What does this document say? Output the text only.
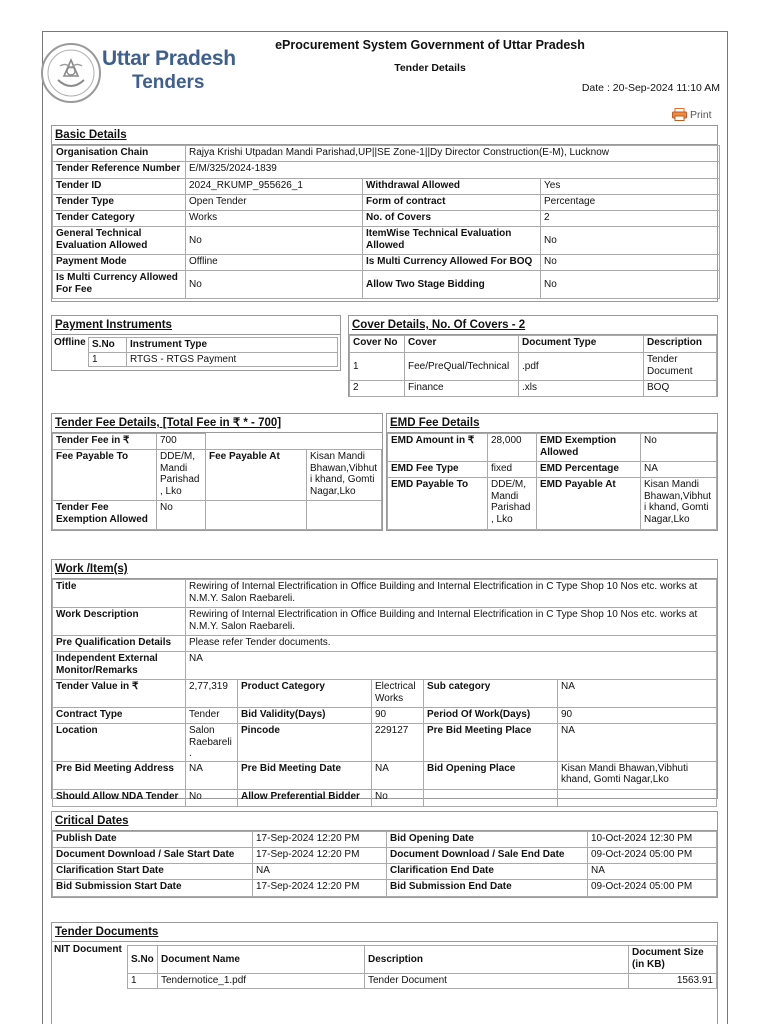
Uttar Pradesh
Tenders
eProcurement System Government of Uttar Pradesh
Tender Details
Date : 20-Sep-2024 11:10 AM
Print
Basic Details
Organisation Chain	Rajya Krishi Utpadan Mandi Parishad,UP||SE Zone-1||Dy Director Construction(E-M), Lucknow		
Tender Reference Number	E/M/325/2024-1839		
Tender ID	2024_RKUMP_955626_1	Withdrawal Allowed	Yes
Tender Type	Open Tender	Form of contract	Percentage
Tender Category	Works	No. of Covers	2
General Technical Evaluation Allowed	No	ItemWise Technical Evaluation Allowed	No
Payment Mode	Offline	Is Multi Currency Allowed For BOQ	No
Is Multi Currency Allowed For Fee	No	Allow Two Stage Bidding	No
Payment Instruments
Offline S.No	Instrument Type
1	RTGS - RTGS Payment
Cover Details, No. Of Covers - 2
Cover No	Cover	Document Type	Description
1	Fee/PreQual/Technical	.pdf	Tender Document
2	Finance	.xls	BOQ
Tender Fee Details, [Total Fee in ₹ * - 700]
Tender Fee in ₹	700		
Fee Payable To	DDE/M, Mandi Parishad, Lko	Fee Payable At	Kisan Mandi Bhawan,Vibhuti khand, Gomti Nagar,Lko
Tender Fee Exemption Allowed	No		
EMD Fee Details
EMD Amount in ₹	28,000	EMD Exemption Allowed	No
EMD Fee Type	fixed	EMD Percentage	NA
EMD Payable To	DDE/M, Mandi Parishad, Lko	EMD Payable At	Kisan Mandi Bhawan,Vibhuti khand, Gomti Nagar,Lko
Work /Item(s)
Title	Rewiring of Internal Electrification in Office Building and Internal Electrification in C Type Shop 10 Nos etc. works at N.M.Y. Salon Raebareli.				
Work Description	Rewiring of Internal Electrification in Office Building and Internal Electrification in C Type Shop 10 Nos etc. works at N.M.Y. Salon Raebareli.				
Pre Qualification Details	Please refer Tender documents.				
Independent External Monitor/Remarks	NA				
Tender Value in ₹	2,77,319	Product Category	Electrical Works	Sub category	NA
Contract Type	Tender	Bid Validity(Days)	90	Period Of Work(Days)	90
Location	Salon Raebareli.	Pincode	229127	Pre Bid Meeting Place	NA
Pre Bid Meeting Address	NA	Pre Bid Meeting Date	NA	Bid Opening Place	Kisan Mandi Bhawan,Vibhuti khand, Gomti Nagar,Lko
Should Allow NDA Tender	No	Allow Preferential Bidder	No		
Critical Dates
Publish Date	17-Sep-2024 12:20 PM	Bid Opening Date	10-Oct-2024 12:30 PM
Document Download / Sale Start Date	17-Sep-2024 12:20 PM	Document Download / Sale End Date	09-Oct-2024 05:00 PM
Clarification Start Date	NA	Clarification End Date	NA
Bid Submission Start Date	17-Sep-2024 12:20 PM	Bid Submission End Date	09-Oct-2024 05:00 PM
Tender Documents
NIT Document
S.No	Document Name	Description	Document Size (in KB)
1	Tendernotice_1.pdf	Tender Document	1563.91
